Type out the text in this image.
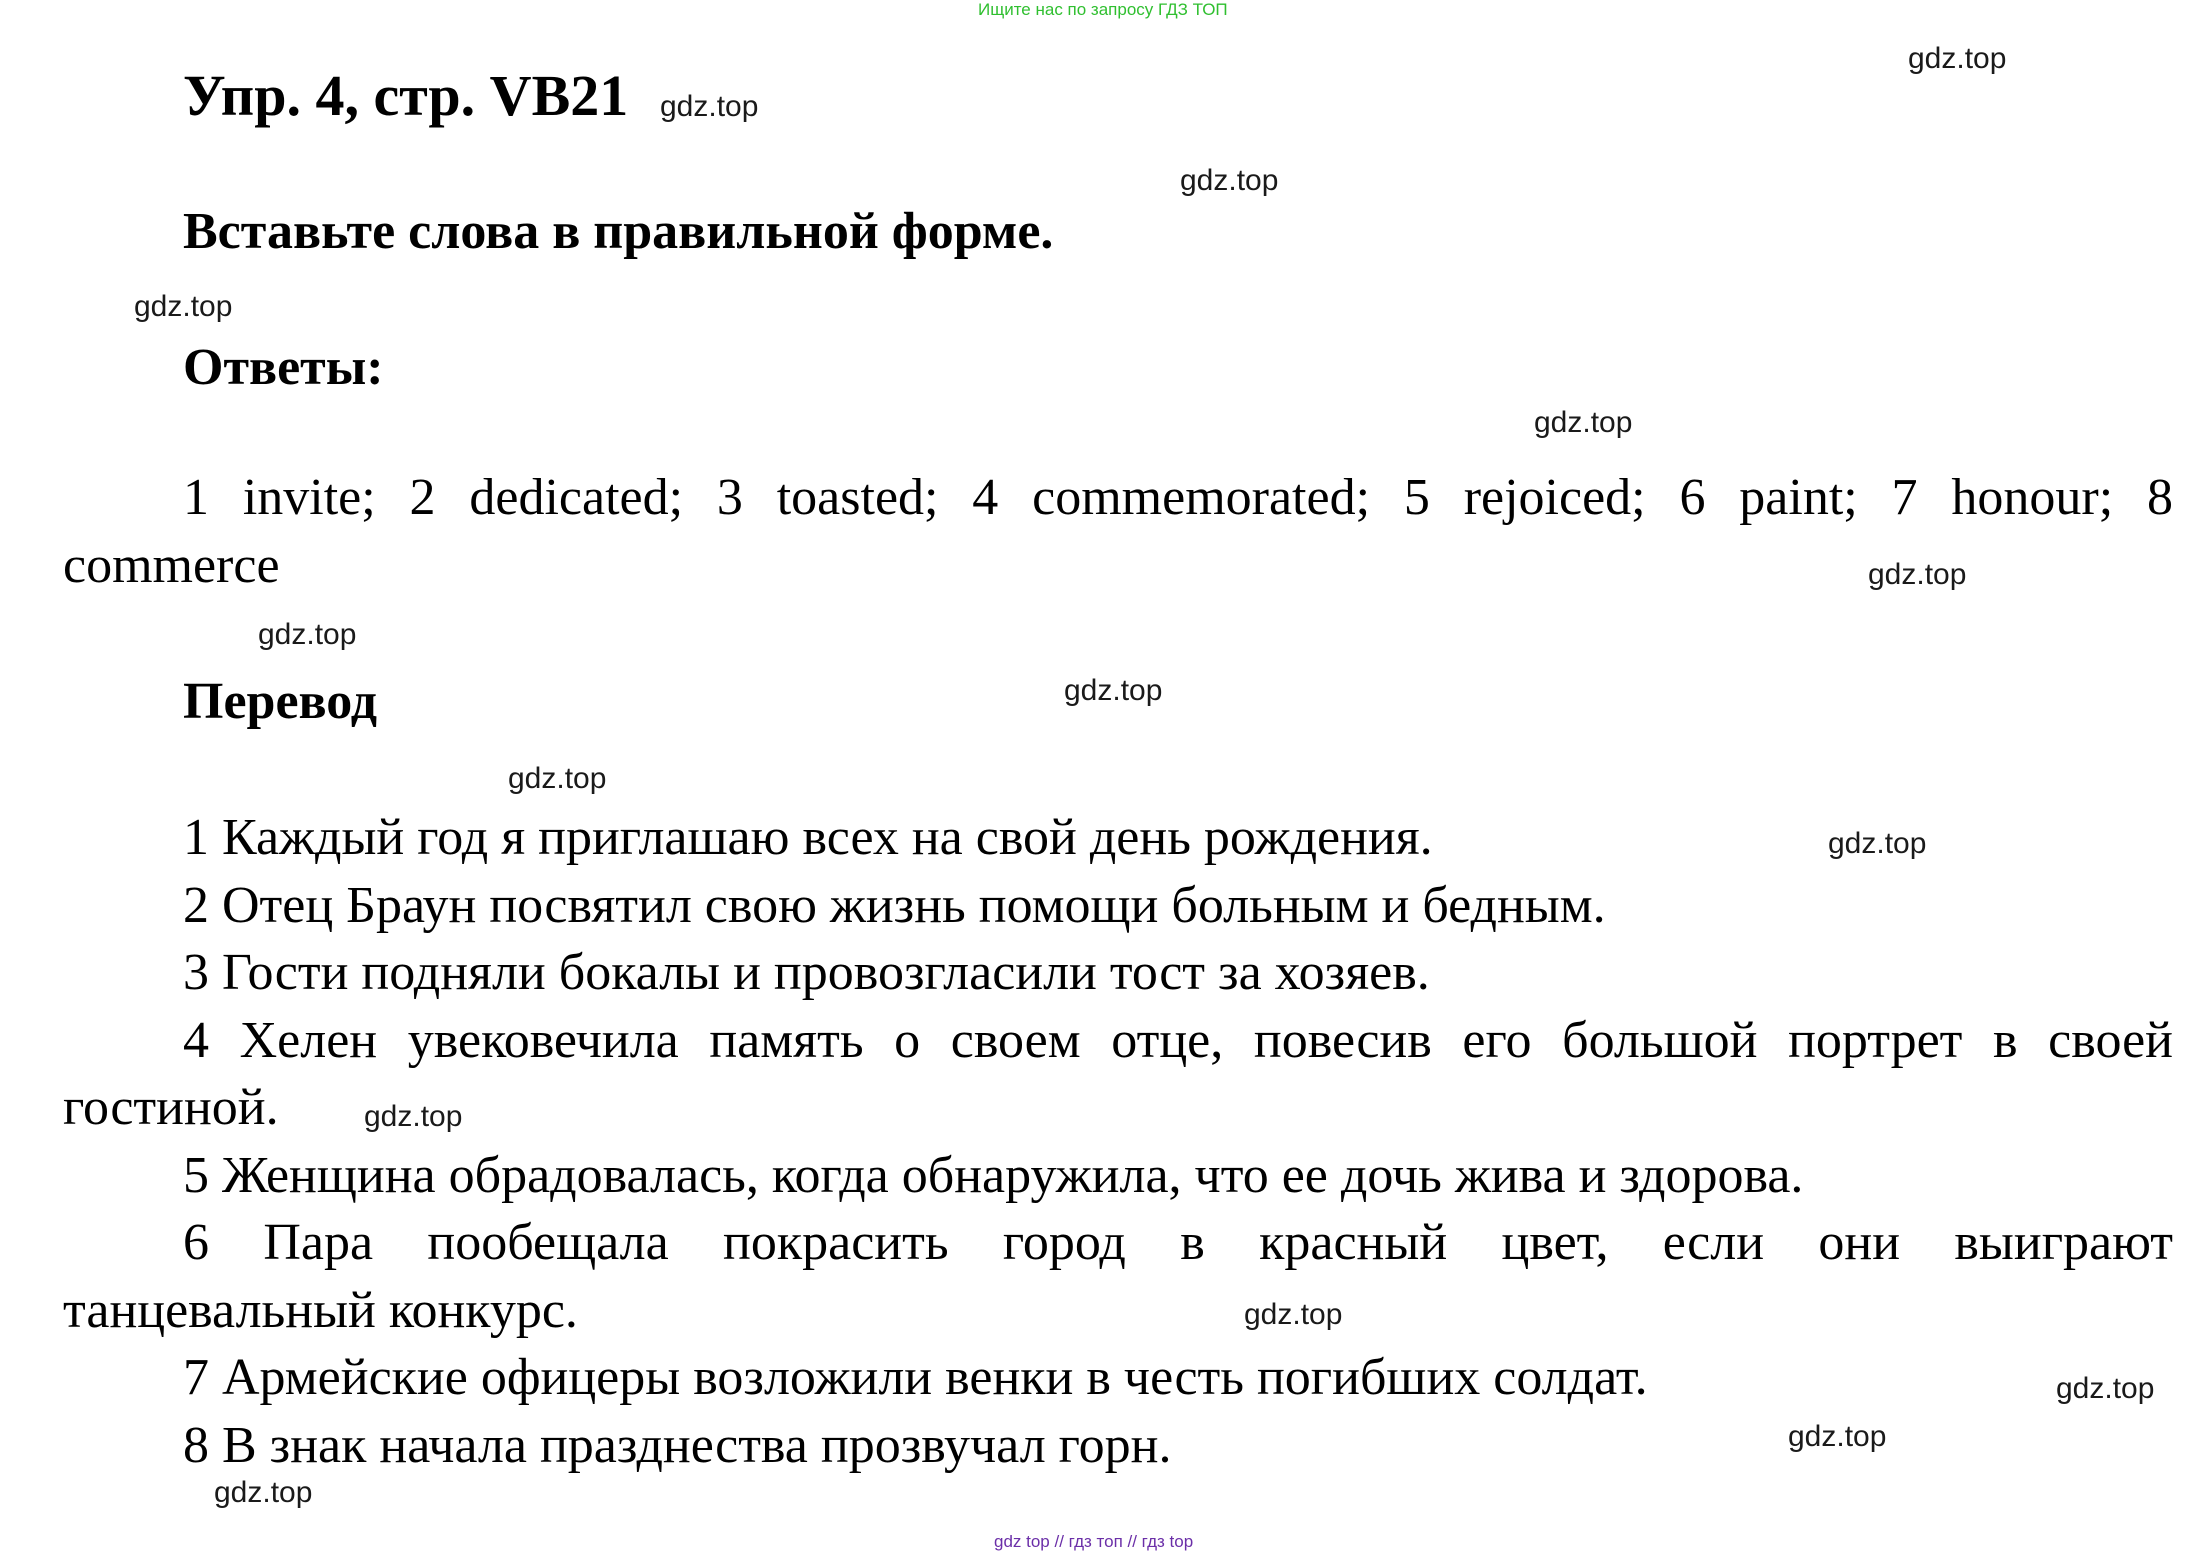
Ищите нас по запросу ГДЗ ТОП
Упр. 4, стр. VB21
Вставьте слова в правильной форме.
Ответы:
1 invite; 2 dedicated; 3 toasted; 4 commemorated; 5 rejoiced; 6 paint; 7 honour; 8
commerce
Перевод
1 Каждый год я приглашаю всех на свой день рождения.
2 Отец Браун посвятил свою жизнь помощи больным и бедным.
3 Гости подняли бокалы и провозгласили тост за хозяев.
4 Хелен увековечила память о своем отце, повесив его большой портрет в своей
гостиной.
5 Женщина обрадовалась, когда обнаружила, что ее дочь жива и здорова.
6 Пара пообещала покрасить город в красный цвет, если они выиграют
танцевальный конкурс.
7 Армейские офицеры возложили венки в честь погибших солдат.
8 В знак начала празднества прозвучал горн.
gdz.top
gdz.top
gdz.top
gdz.top
gdz.top
gdz.top
gdz.top
gdz.top
gdz.top
gdz.top
gdz.top
gdz.top
gdz.top
gdz.top
gdz.top
gdz top // гдз топ // гдз top
